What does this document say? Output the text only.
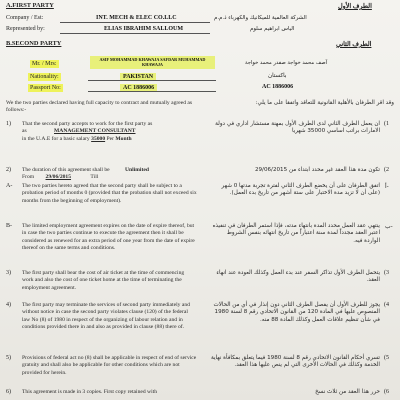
A.FIRST PARTY	الطرف الأول
Company / Est:	INT. MECH & ELEC CO.LLC	الشركة العالمية للميكانيك والكهرباء ذ.م.م
Represented by:	ELIAS IBRAHIM SALLOUM	الياس ابراهيم سلوم
B.SECOND PARTY	الطرف الثاني
Mr. / Mrs:
ASIF MOHAMMAD KHAWAJA SAFDAR MUHAMMAD KHAWAJA	آصف محمد خواجة صفدر محمد خواجة
Nationality:	PAKISTAN	باكستان
Passport No:	AC 1886006	AC 1886006
We the two parties declared having full capacity to contract and mutually agreed as follows:-
وقد اقر الطرفان بالأهلية القانونية للتعاقد واتفقا على ما يلي:
1) That the second party accepts to work for the first party as
as	MANAGEMENT CONSULTANT
in the U.A.E for a basic salary 35000 Per Month
ان يعمل الطرف الثاني لدى الطرف الأول بمهنة مستشار اداري في دولة الامارات براتب اساسي 35000 شهريا
(1
2) The duration of this agreement shall be	Unlimited
From 29/06/2015	Till
تكون مدة هذا العقد غير محدد ابتداء من 29/06/2015 (2
A- The two parties hereto agreed that the second party shall be subject to a probation period of months 0 (provided that the probation shall not exceed six months from the beginning of employment).
اتفق الطرفان على أن يخضع الطرف الثاني لفترة تجربة مدتها 0 شهر (على أن لا تزيد مدة الاختبار على ستة أشهر من تاريخ بدء العمل).
أ-
B- The limited employment agreement expires on the date of expire thereof, but in case the two parties continue to execute the agreement then it shall be considered as renewed for an extra period of one year from the date of expire thereof on the same terms and conditions.
ينتهي عقد العمل محدد المدة بانتهاء مدته، فإذا استمر الطرفان في تنفيذه اعتبر العقد مجدداً لمدة سنة اعتباراً من تاريخ انتهائه بنفس الشروط الواردة فيه.
ب-
3) The first party shall bear the cost of air ticket at the time of commencing work and also the cost of one ticket home at the time of terminating the employment agreement.
يتحمل الطرف الأول تذاكر السفر عند بدء العمل وكذلك العودة عند انهاء العقد.
(3
4) The first party may terminate the services of second party immediately and without notice in case the second party violates clause (120) of the federal law No (8) of 1980 in respect of the organizing of labour relation and in conditions provided there in and also as provided in clause (88) there of.
يجوز للطرف الأول أن يفصل الطرف الثاني دون إنذار في أي من الحالات المنصوص عليها في المادة 120 من القانون الاتحادي رقم 8 لسنة 1980 في شأن تنظيم علاقات العمل وكذلك المادة 88 منه.
(4
5) Provisions of federal act no (8) shall be applicable in respect of end of service gratuity and shall also be applicable for other conditions which are not provided for herein.
تسري أحكام القانون الاتحادي رقم 8 لسنة 1980 فيما يتعلق بمكافأة نهاية الخدمة وكذلك في الحالات الأخرى التي لم ينص عليها هذا العقد.
(5
6) This agreement is made in 3 copies. First copy retained with	حرر هذا العقد من ثلاث نسخ (6
